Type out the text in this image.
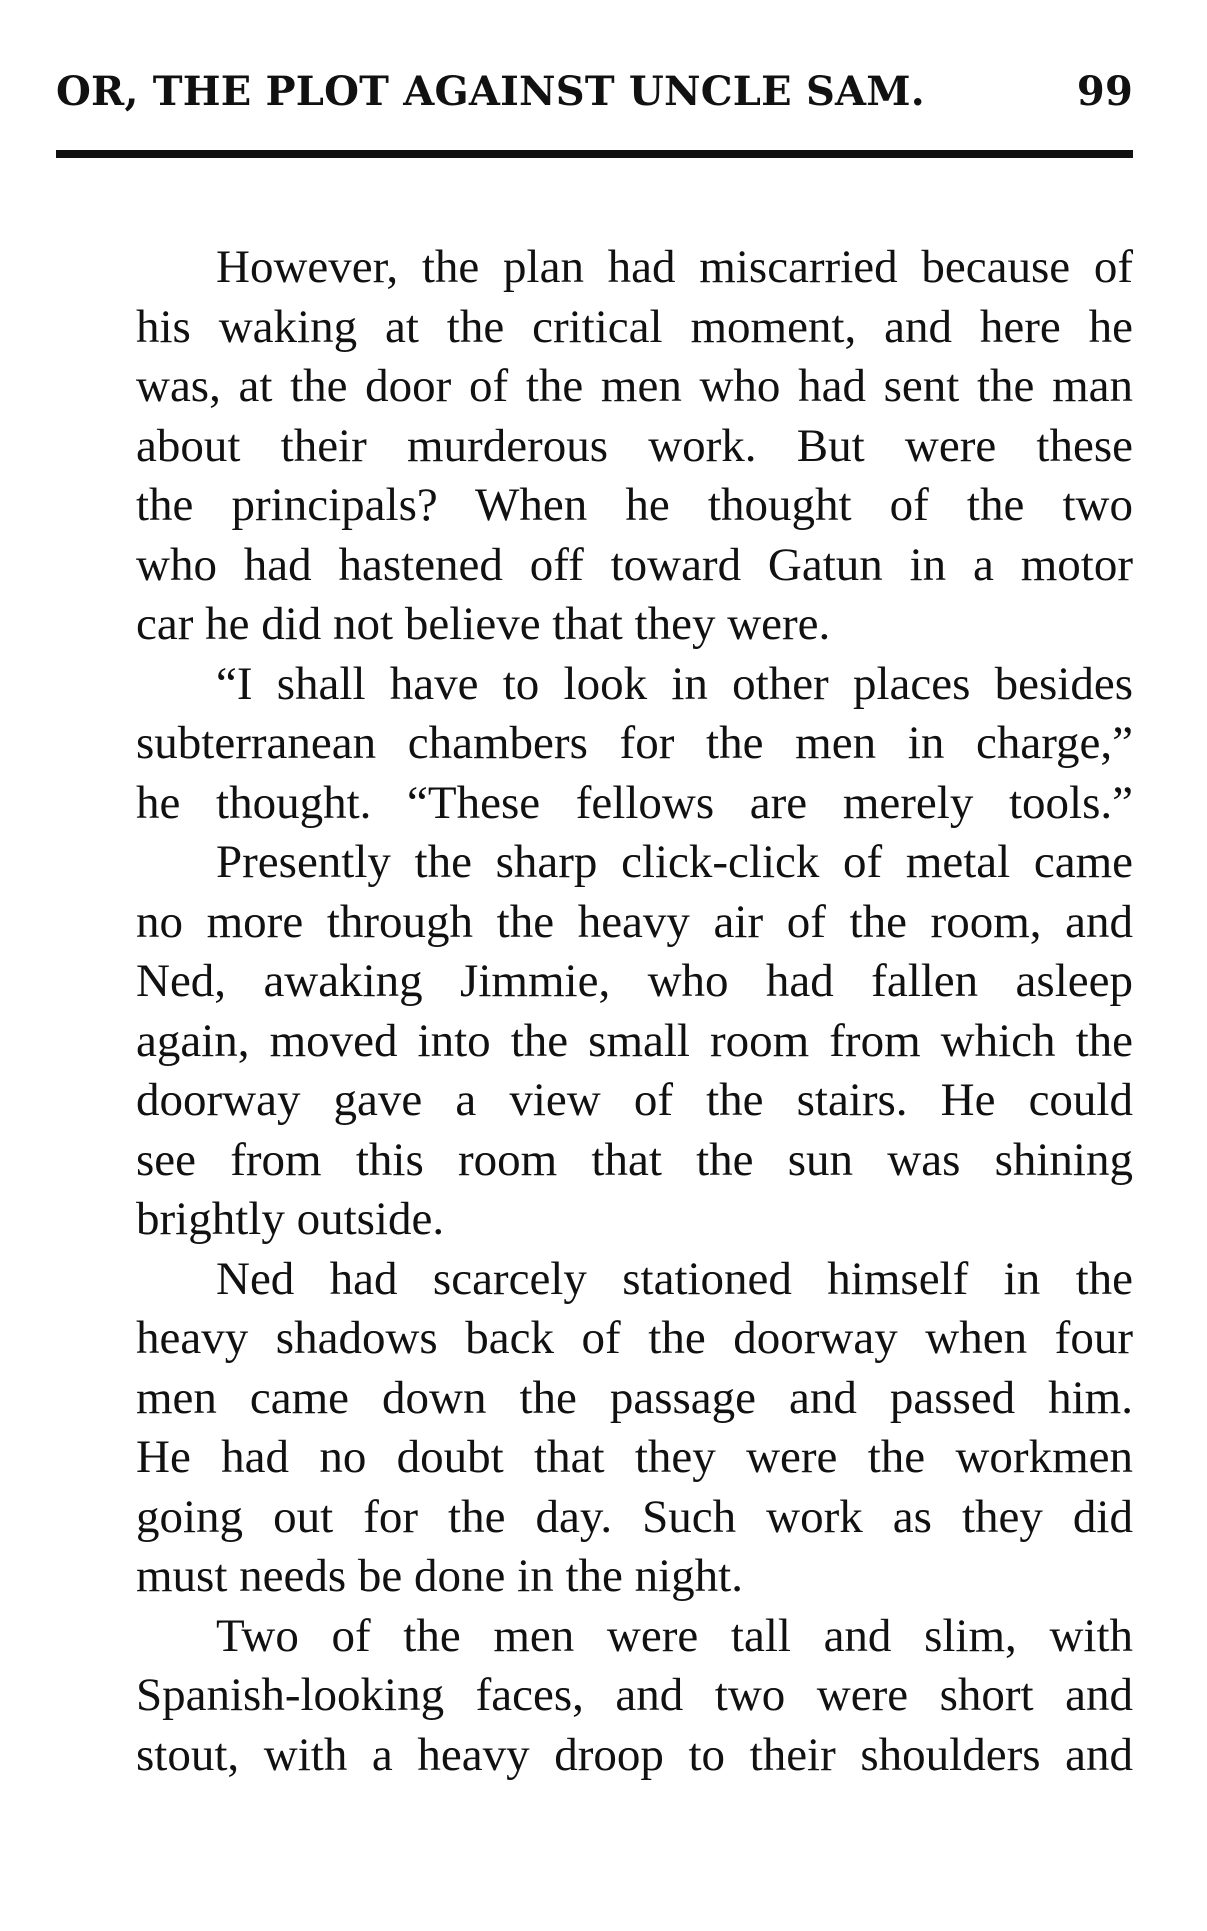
OR, THE PLOT AGAINST UNCLE SAM.	99

However, the plan had miscarried because of
his waking at the critical moment, and here he
was, at the door of the men who had sent the man
about their murderous work. But were these
the principals? When he thought of the two
who had hastened off toward Gatun in a motor
car he did not believe that they were.

“I shall have to look in other places besides
subterranean chambers for the men in charge,”
he thought. “These fellows are merely tools.”

Presently the sharp click-click of metal came
no more through the heavy air of the room, and
Ned, awaking Jimmie, who had fallen asleep
again, moved into the small room from which the
doorway gave a view of the stairs. He could
see from this room that the sun was shining
brightly outside.

Ned had scarcely stationed himself in the
heavy shadows back of the doorway when four
men came down the passage and passed him.
He had no doubt that they were the workmen
going out for the day. Such work as they did
must needs be done in the night.

Two of the men were tall and slim, with
Spanish-looking faces, and two were short and
stout, with a heavy droop to their shoulders and
